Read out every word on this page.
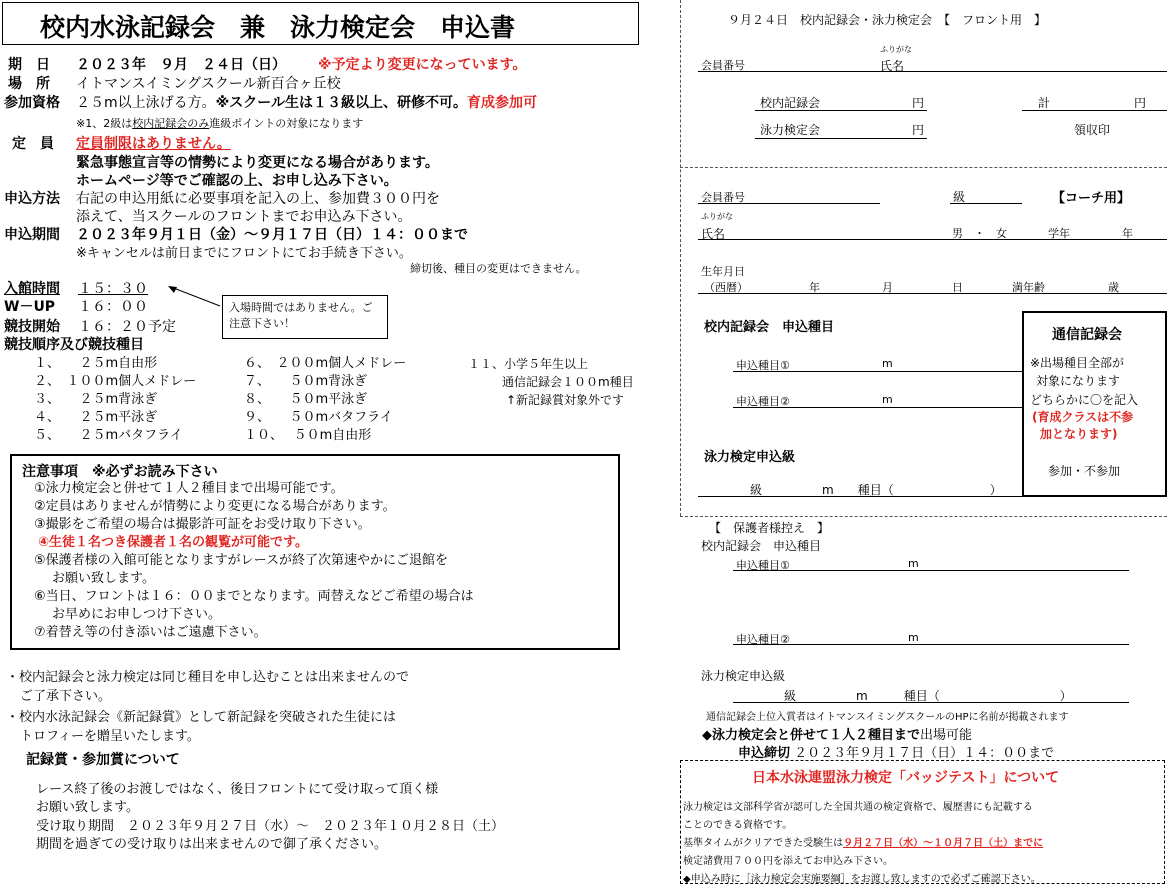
校内水泳記録会　兼　泳力検定会　申込書
期　日 ２０２３年　９月　２４日（日） ※予定より変更になっています。
場　所 イトマンスイミングスクール新百合ヶ丘校
参加資格 ２５m以上泳げる方。※スクール生は１３級以上、研修不可。育成参加可
※1、2級は校内記録会のみ進級ポイントの対象になります
定　員 定員制限はありません。
緊急事態宣言等の情勢により変更になる場合があります。
ホームページ等でご確認の上、お申し込み下さい。
申込方法 右記の申込用紙に必要事項を記入の上、参加費３００円を
添えて、当スクールのフロントまでお申込み下さい。
申込期間 ２０２３年９月１日（金）～９月１７日（日）１４：００まで
※キャンセルは前日までにフロントにてお手続き下さい。
締切後、種目の変更はできません。
入館時間 １５：３０
W－UP １６：００
競技開始 １６：２０予定
競技順序及び競技種目
入場時間ではありません。ご注意下さい！
１、　　２５m自由形
２、　１００m個人メドレー
３、　　２５m背泳ぎ
４、　　２５m平泳ぎ
５、　　２５mバタフライ
６、　２００m個人メドレー
７、　　５０m背泳ぎ
８、　　５０m平泳ぎ
９、　　５０mバタフライ
１０、　 ５０m自由形
１１、小学５年生以上
通信記録会１００m種目
↑新記録賞対象外です
注意事項　※必ずお読み下さい
①泳力検定会と併せて１人２種目まで出場可能です。
②定員はありませんが情勢により変更になる場合があります。
③撮影をご希望の場合は撮影許可証をお受け取り下さい。
④生徒１名つき保護者１名の観覧が可能です。
⑤保護者様の入館可能となりますがレースが終了次第速やかにご退館を
お願い致します。
⑥当日、フロントは１６：００までとなります。両替えなどご希望の場合は
お早めにお申しつけ下さい。
⑦着替え等の付き添いはご遠慮下さい。
・校内記録会と泳力検定は同じ種目を申し込むことは出来ませんので
ご了承下さい。
・校内水泳記録会《新記録賞》として新記録を突破された生徒には
トロフィーを贈呈いたします。
記録賞・参加賞について
レース終了後のお渡しではなく、後日フロントにて受け取って頂く様
お願い致します。
受け取り期間　２０２３年９月２７日（水）～　２０２３年１０月２８日（土）
期間を過ぎての受け取りは出来ませんので御了承ください。
９月２４日　校内記録会・泳力検定会　【　フロント用　】
会員番号
ふりがな
氏名
校内記録会	円	計	円
泳力検定会	円	領収印
会員番号	級	【コーチ用】
ふりがな
氏名	男　・　女	学年	年
生年月日
（西暦）	年	月	日	満年齢	歳
校内記録会　申込種目
申込種目①	m
申込種目②	m
泳力検定申込級
級　　　　　m　　種目（　　　　　　　　）
通信記録会
※出場種目全部が
対象になります
どちらかに〇を記入
(育成クラスは不参
加となります)
参加・不参加
【　保護者様控え　】
校内記録会　申込種目
申込種目①	m
申込種目②	m
泳力検定申込級
級　　　　　m　　　種目（　　　　　　　　　　）
通信記録会上位入賞者はイトマンスイミングスクールのHPに名前が掲載されます
◆泳力検定会と併せて１人２種目まで出場可能
申込締切 ２０２３年９月１７日（日）１４：００まで
日本水泳連盟泳力検定「バッジテスト」について
泳力検定は文部科学省が認可した全国共通の検定資格で、履歴書にも記載する
ことのできる資格です。
基準タイムがクリアできた受験生は９月２７日（水）～１０月７日（土）までに
検定諸費用７００円を添えてお申込み下さい。
◆申込み時に［泳力検定会実施要綱］をお渡し致しますので必ずご確認下さい。
